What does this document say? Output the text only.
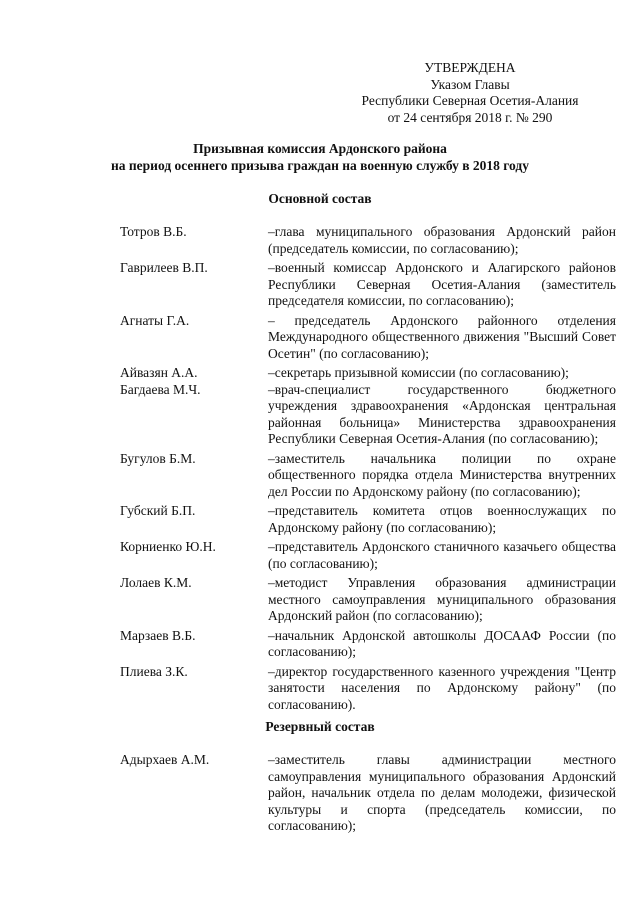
УТВЕРЖДЕНА
Указом Главы
Республики Северная Осетия-Алания
от 24 сентября 2018 г. № 290
Призывная комиссия Ардонского района
на период осеннего призыва граждан на военную службу в 2018 году
Основной состав
Тотров В.Б.	–глава муниципального образования Ардонский район (председатель комиссии, по согласованию);
Гаврилеев В.П.	–военный комиссар Ардонского и Алагирского районов Республики Северная Осетия-Алания (заместитель председателя комиссии, по согласованию);
Агнаты Г.А.	– председатель Ардонского районного отделения Международного общественного движения "Высший Совет Осетин" (по согласованию);
Айвазян А.А.	–секретарь призывной комиссии (по согласованию);
Багдаева М.Ч.	–врач-специалист государственного бюджетного учреждения здравоохранения «Ардонская центральная районная больница» Министерства здравоохранения Республики Северная Осетия-Алания (по согласованию);
Бугулов Б.М.	–заместитель начальника полиции по охране общественного порядка отдела Министерства внутренних дел России по Ардонскому району (по согласованию);
Губский Б.П.	–представитель комитета отцов военнослужащих по Ардонскому району (по согласованию);
Корниенко Ю.Н.	–представитель Ардонского станичного казачьего общества (по согласованию);
Лолаев К.М.	–методист Управления образования администрации местного самоуправления муниципального образования Ардонский район (по согласованию);
Марзаев В.Б.	–начальник Ардонской автошколы ДОСААФ России (по согласованию);
Плиева З.К.	–директор государственного казенного учреждения "Центр занятости населения по Ардонскому району" (по согласованию).
Резервный состав
Адырхаев А.М.	–заместитель главы администрации местного самоуправления муниципального образования Ардонский район, начальник отдела по делам молодежи, физической культуры и спорта (председатель комиссии, по согласованию);
